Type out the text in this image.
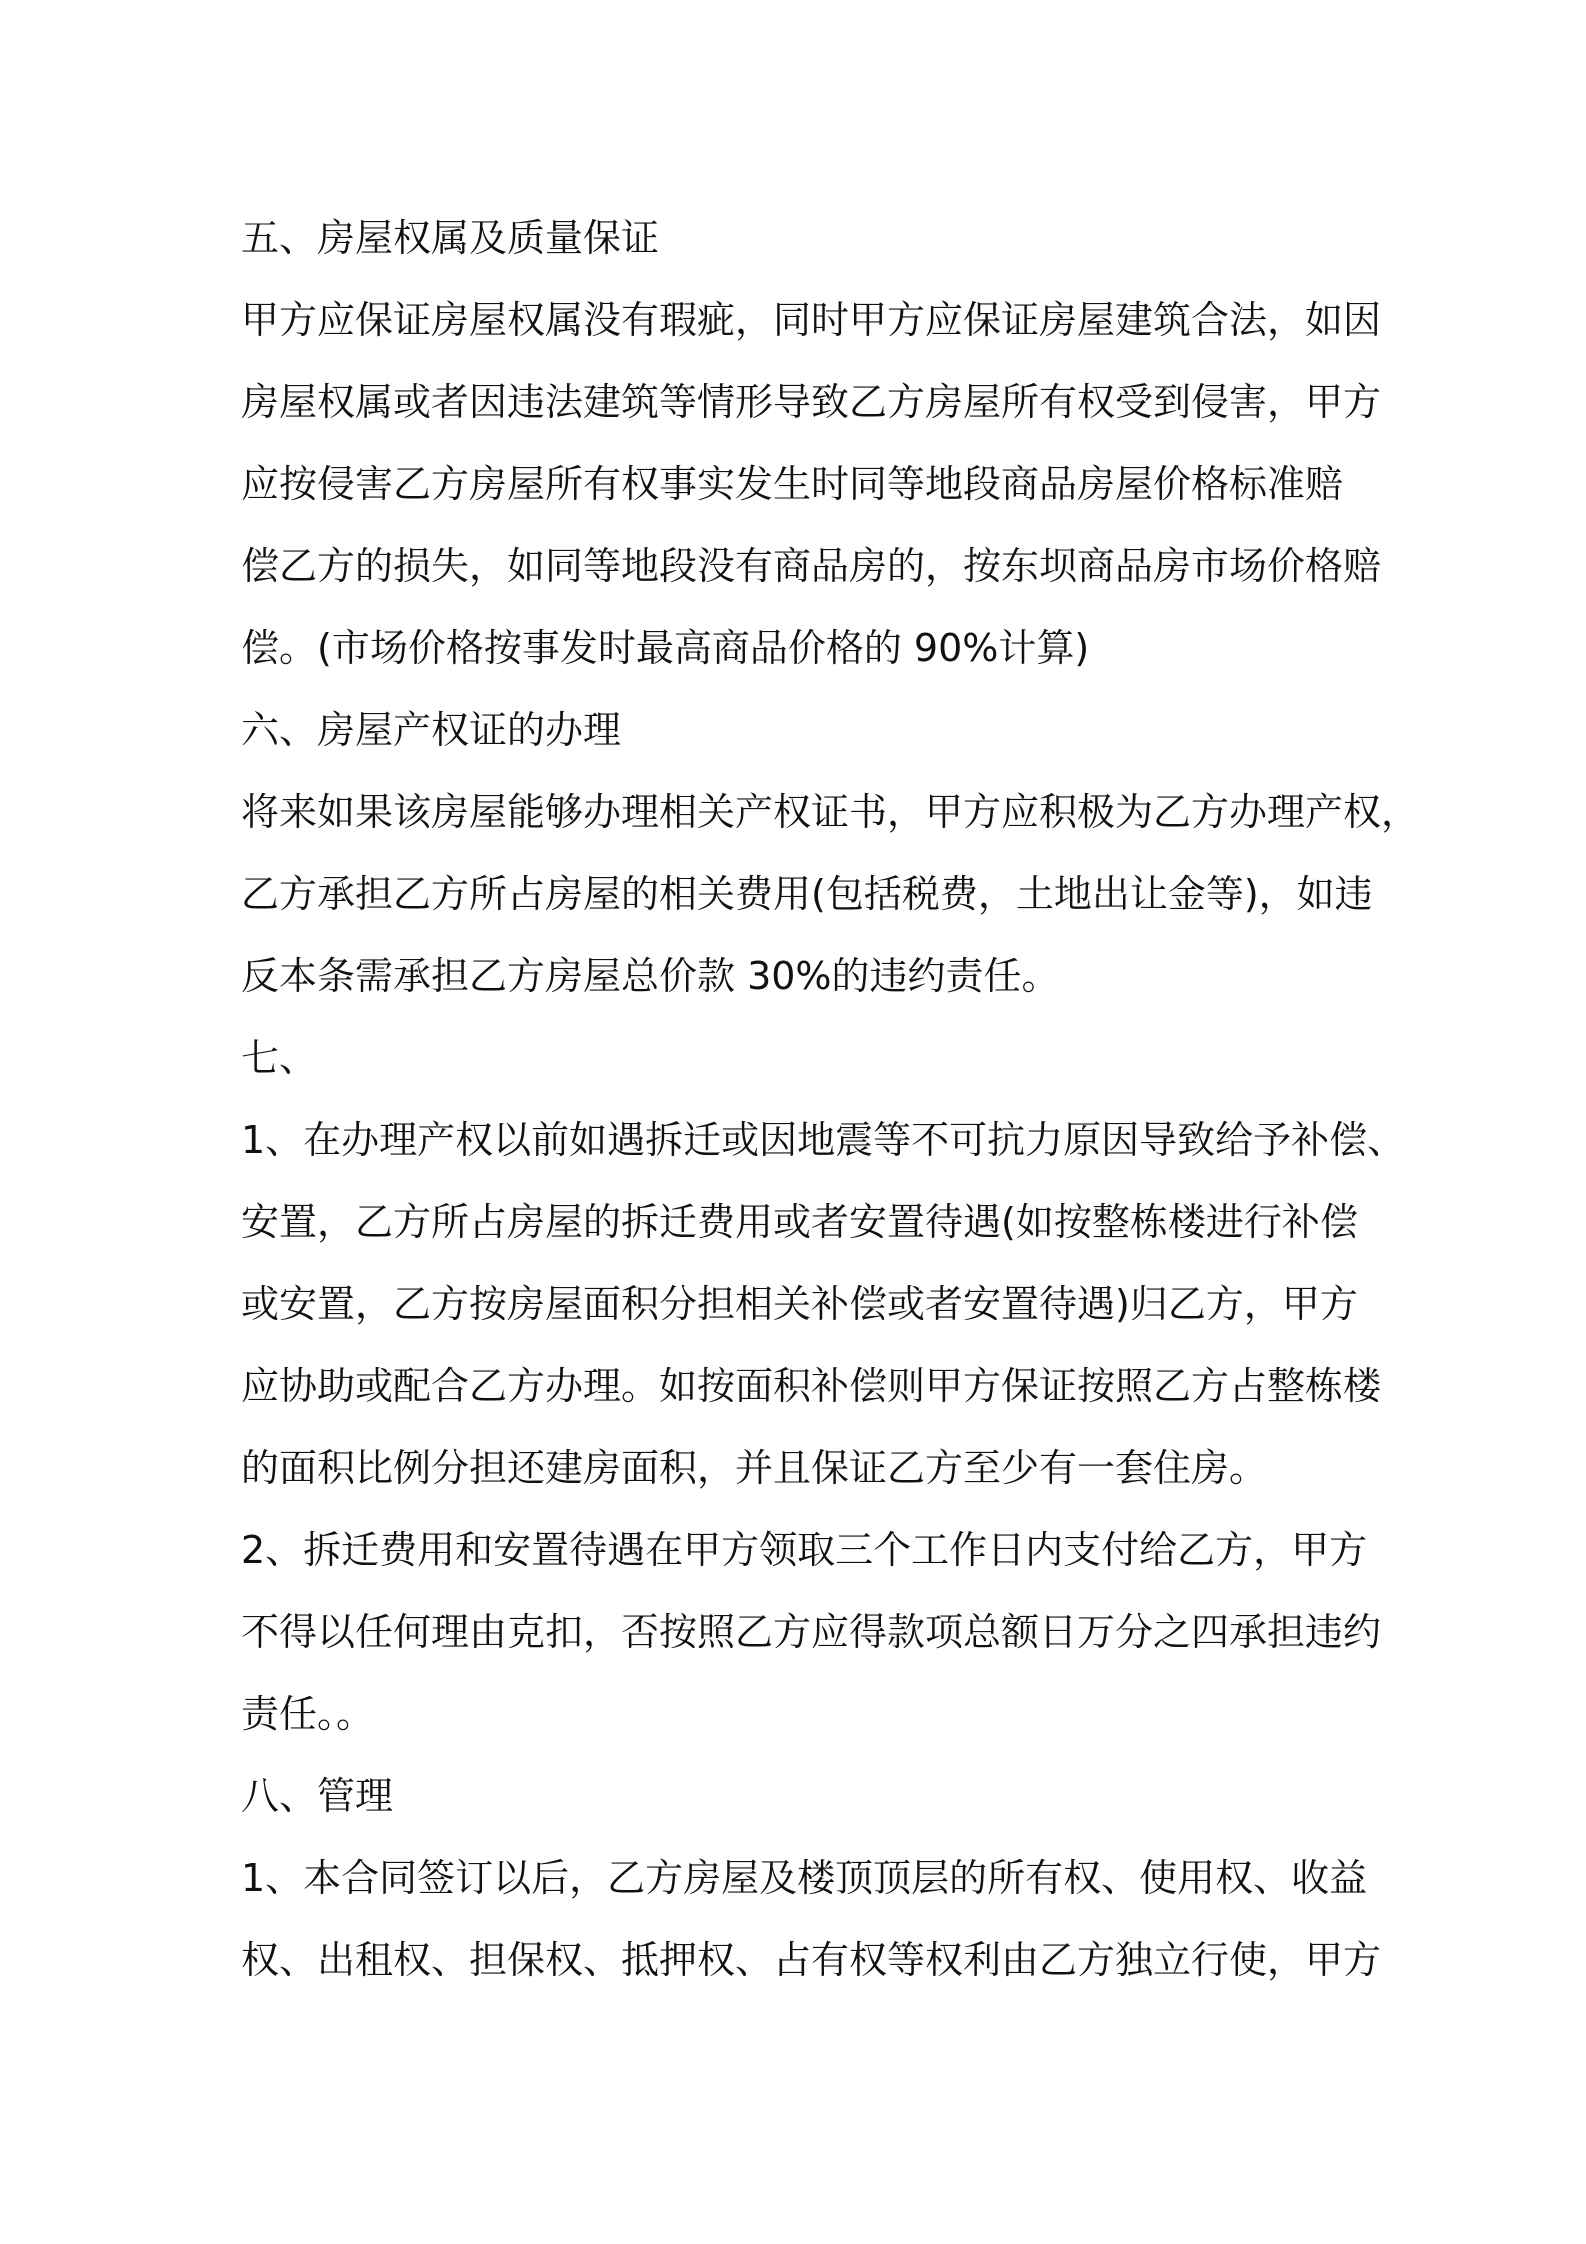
五、房屋权属及质量保证
甲方应保证房屋权属没有瑕疵，同时甲方应保证房屋建筑合法，如因
房屋权属或者因违法建筑等情形导致乙方房屋所有权受到侵害，甲方
应按侵害乙方房屋所有权事实发生时同等地段商品房屋价格标准赔
偿乙方的损失，如同等地段没有商品房的，按东坝商品房市场价格赔
偿。(市场价格按事发时最高商品价格的 90%计算)
六、房屋产权证的办理
将来如果该房屋能够办理相关产权证书，甲方应积极为乙方办理产权，
乙方承担乙方所占房屋的相关费用(包括税费，土地出让金等)，如违
反本条需承担乙方房屋总价款 30%的违约责任。
七、
1、在办理产权以前如遇拆迁或因地震等不可抗力原因导致给予补偿、
安置，乙方所占房屋的拆迁费用或者安置待遇(如按整栋楼进行补偿
或安置，乙方按房屋面积分担相关补偿或者安置待遇)归乙方，甲方
应协助或配合乙方办理。如按面积补偿则甲方保证按照乙方占整栋楼
的面积比例分担还建房面积，并且保证乙方至少有一套住房。
2、拆迁费用和安置待遇在甲方领取三个工作日内支付给乙方，甲方
不得以任何理由克扣，否按照乙方应得款项总额日万分之四承担违约
责任。。
八、管理
1、本合同签订以后，乙方房屋及楼顶顶层的所有权、使用权、收益
权、出租权、担保权、抵押权、占有权等权利由乙方独立行使，甲方
